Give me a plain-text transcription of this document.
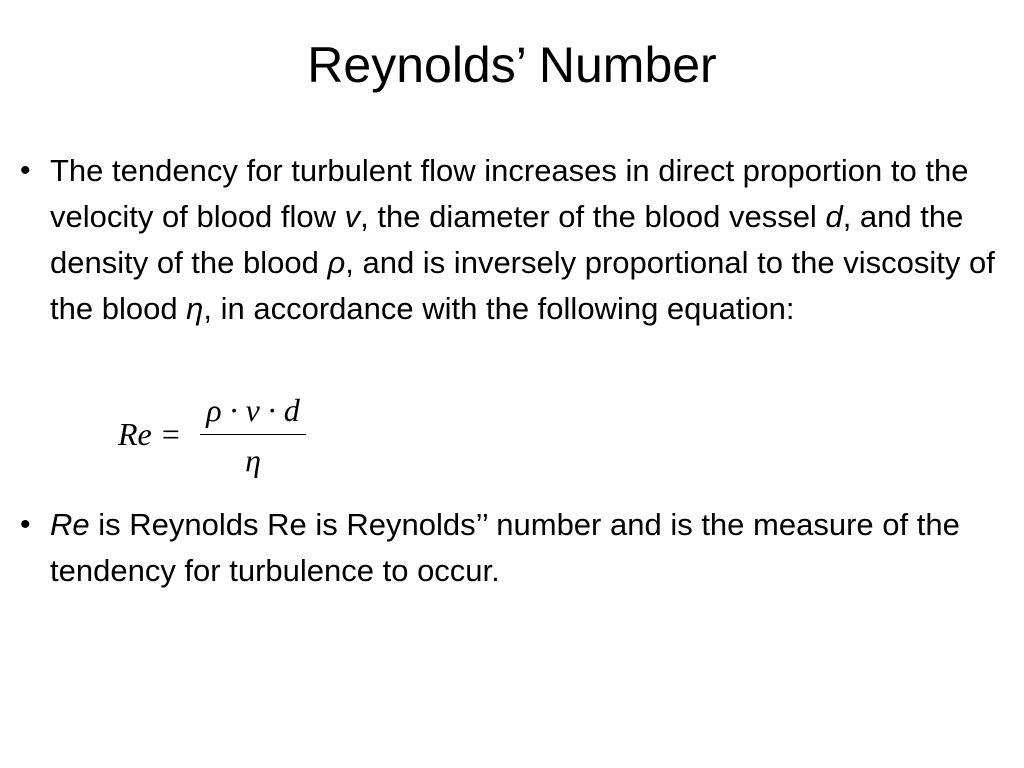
Reynolds’ Number
• The tendency for turbulent flow increases in direct proportion to the velocity of blood flow v, the diameter of the blood vessel d, and the density of the blood ρ, and is inversely proportional to the viscosity of the blood η, in accordance with the following equation:
Re =
ρ · v · d
η
• Re is Reynolds Re is Reynolds’’ number and is the measure of the tendency for turbulence to occur.
